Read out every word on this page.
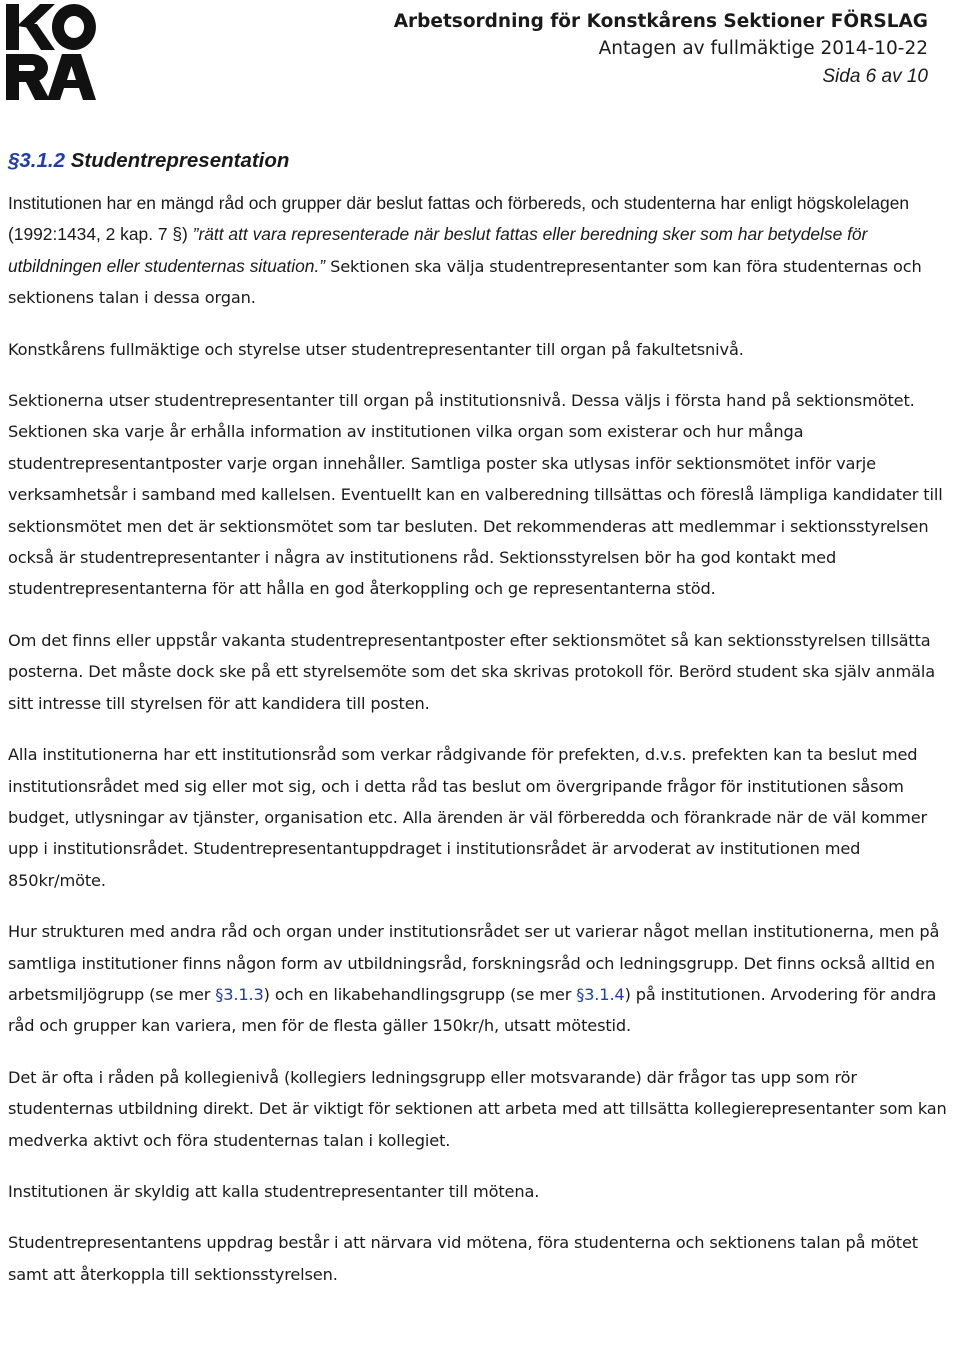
Arbetsordning för Konstkårens Sektioner FÖRSLAG
Antagen av fullmäktige 2014-10-22
Sida 6 av 10
§3.1.2 Studentrepresentation

Institutionen har en mängd råd och grupper där beslut fattas och förbereds, och studenterna har enligt högskolelagen (1992:1434, 2 kap. 7 §) ”rätt att vara representerade när beslut fattas eller beredning sker som har betydelse för utbildningen eller studenternas situation.” Sektionen ska välja studentrepresentanter som kan föra studenternas och sektionens talan i dessa organ.

Konstkårens fullmäktige och styrelse utser studentrepresentanter till organ på fakultetsnivå.

Sektionerna utser studentrepresentanter till organ på institutionsnivå. Dessa väljs i första hand på sektionsmötet. Sektionen ska varje år erhålla information av institutionen vilka organ som existerar och hur många studentrepresentantposter varje organ innehåller. Samtliga poster ska utlysas inför sektionsmötet inför varje verksamhetsår i samband med kallelsen. Eventuellt kan en valberedning tillsättas och föreslå lämpliga kandidater till sektionsmötet men det är sektionsmötet som tar besluten. Det rekommenderas att medlemmar i sektionsstyrelsen också är studentrepresentanter i några av institutionens råd. Sektionsstyrelsen bör ha god kontakt med studentrepresentanterna för att hålla en god återkoppling och ge representanterna stöd.

Om det finns eller uppstår vakanta studentrepresentantposter efter sektionsmötet så kan sektionsstyrelsen tillsätta posterna. Det måste dock ske på ett styrelsemöte som det ska skrivas protokoll för. Berörd student ska själv anmäla sitt intresse till styrelsen för att kandidera till posten.

Alla institutionerna har ett institutionsråd som verkar rådgivande för prefekten, d.v.s. prefekten kan ta beslut med institutionsrådet med sig eller mot sig, och i detta råd tas beslut om övergripande frågor för institutionen såsom budget, utlysningar av tjänster, organisation etc. Alla ärenden är väl förberedda och förankrade när de väl kommer upp i institutionsrådet. Studentrepresentantuppdraget i institutionsrådet är arvoderat av institutionen med 850kr/möte.

Hur strukturen med andra råd och organ under institutionsrådet ser ut varierar något mellan institutionerna, men på samtliga institutioner finns någon form av utbildningsråd, forskningsråd och ledningsgrupp. Det finns också alltid en arbetsmiljögrupp (se mer §3.1.3) och en likabehandlingsgrupp (se mer §3.1.4) på institutionen. Arvodering för andra råd och grupper kan variera, men för de flesta gäller 150kr/h, utsatt mötestid.

Det är ofta i råden på kollegienivå (kollegiers ledningsgrupp eller motsvarande) där frågor tas upp som rör studenternas utbildning direkt. Det är viktigt för sektionen att arbeta med att tillsätta kollegierepresentanter som kan medverka aktivt och föra studenternas talan i kollegiet.

Institutionen är skyldig att kalla studentrepresentanter till mötena.

Studentrepresentantens uppdrag består i att närvara vid mötena, föra studenterna och sektionens talan på mötet samt att återkoppla till sektionsstyrelsen.
